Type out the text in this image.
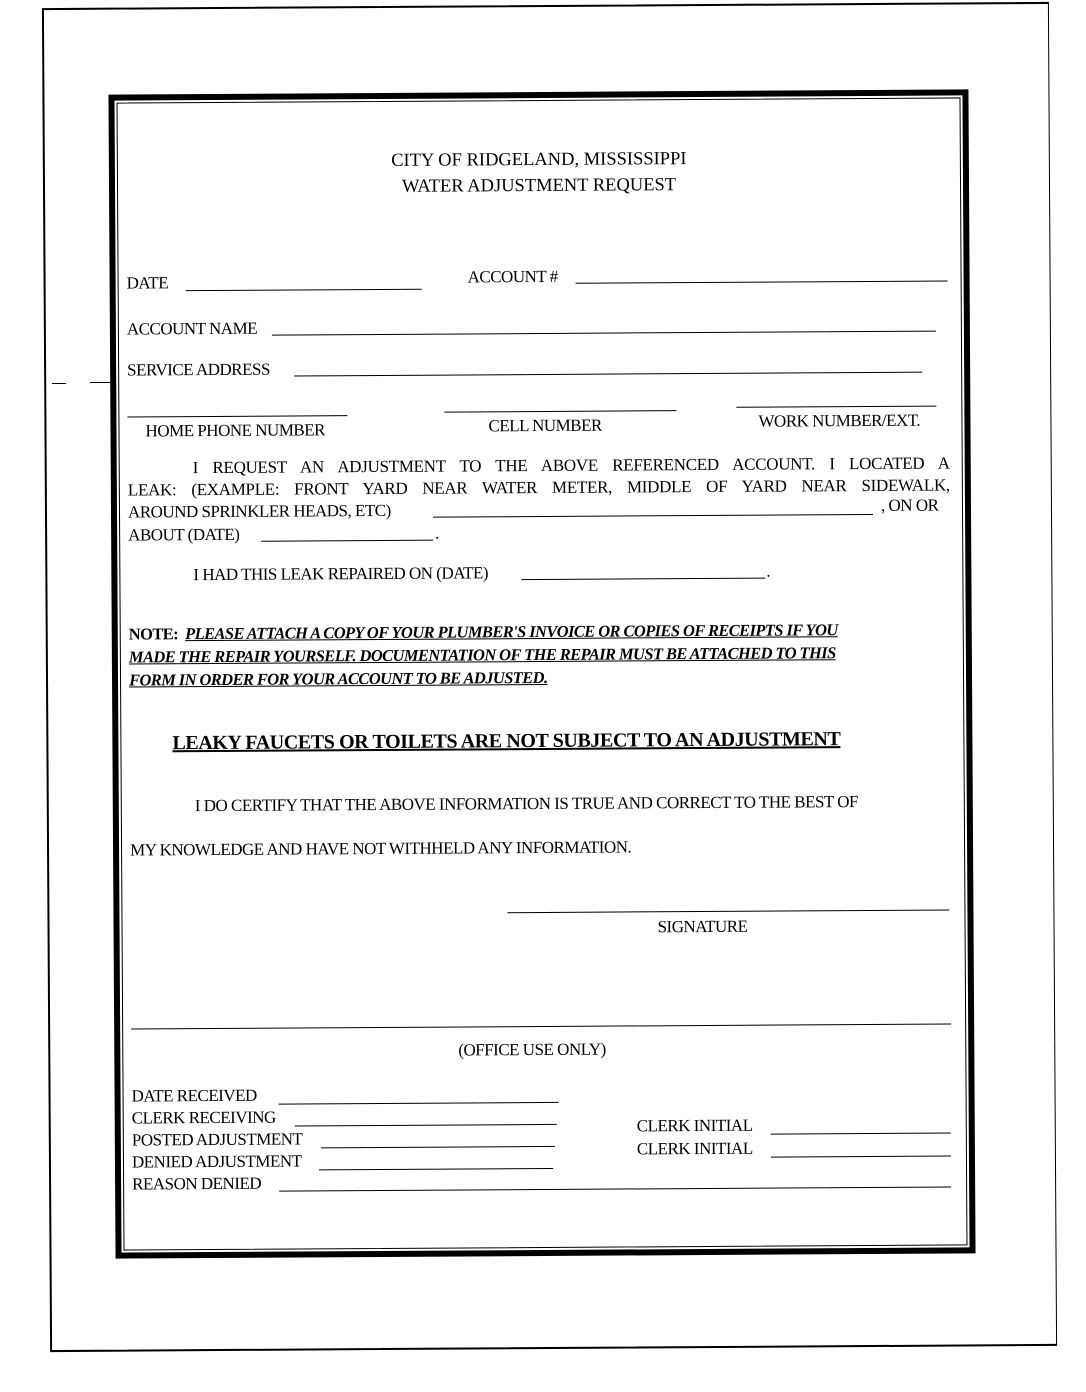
CITY OF RIDGELAND, MISSISSIPPI
WATER ADJUSTMENT REQUEST
DATE	ACCOUNT #
ACCOUNT NAME
SERVICE ADDRESS
HOME PHONE NUMBER	CELL NUMBER	WORK NUMBER/EXT.
I REQUEST AN ADJUSTMENT TO THE ABOVE REFERENCED ACCOUNT. I LOCATED A
LEAK: (EXAMPLE: FRONT YARD NEAR WATER METER, MIDDLE OF YARD NEAR SIDEWALK,
AROUND SPRINKLER HEADS, ETC)	, ON OR
ABOUT (DATE)	.
I HAD THIS LEAK REPAIRED ON (DATE)	.
NOTE: PLEASE ATTACH A COPY OF YOUR PLUMBER'S INVOICE OR COPIES OF RECEIPTS IF YOU
MADE THE REPAIR YOURSELF. DOCUMENTATION OF THE REPAIR MUST BE ATTACHED TO THIS
FORM IN ORDER FOR YOUR ACCOUNT TO BE ADJUSTED.
LEAKY FAUCETS OR TOILETS ARE NOT SUBJECT TO AN ADJUSTMENT
I DO CERTIFY THAT THE ABOVE INFORMATION IS TRUE AND CORRECT TO THE BEST OF
MY KNOWLEDGE AND HAVE NOT WITHHELD ANY INFORMATION.
SIGNATURE
(OFFICE USE ONLY)
DATE RECEIVED
CLERK RECEIVING
POSTED ADJUSTMENT
DENIED ADJUSTMENT
REASON DENIED
CLERK INITIAL
CLERK INITIAL
